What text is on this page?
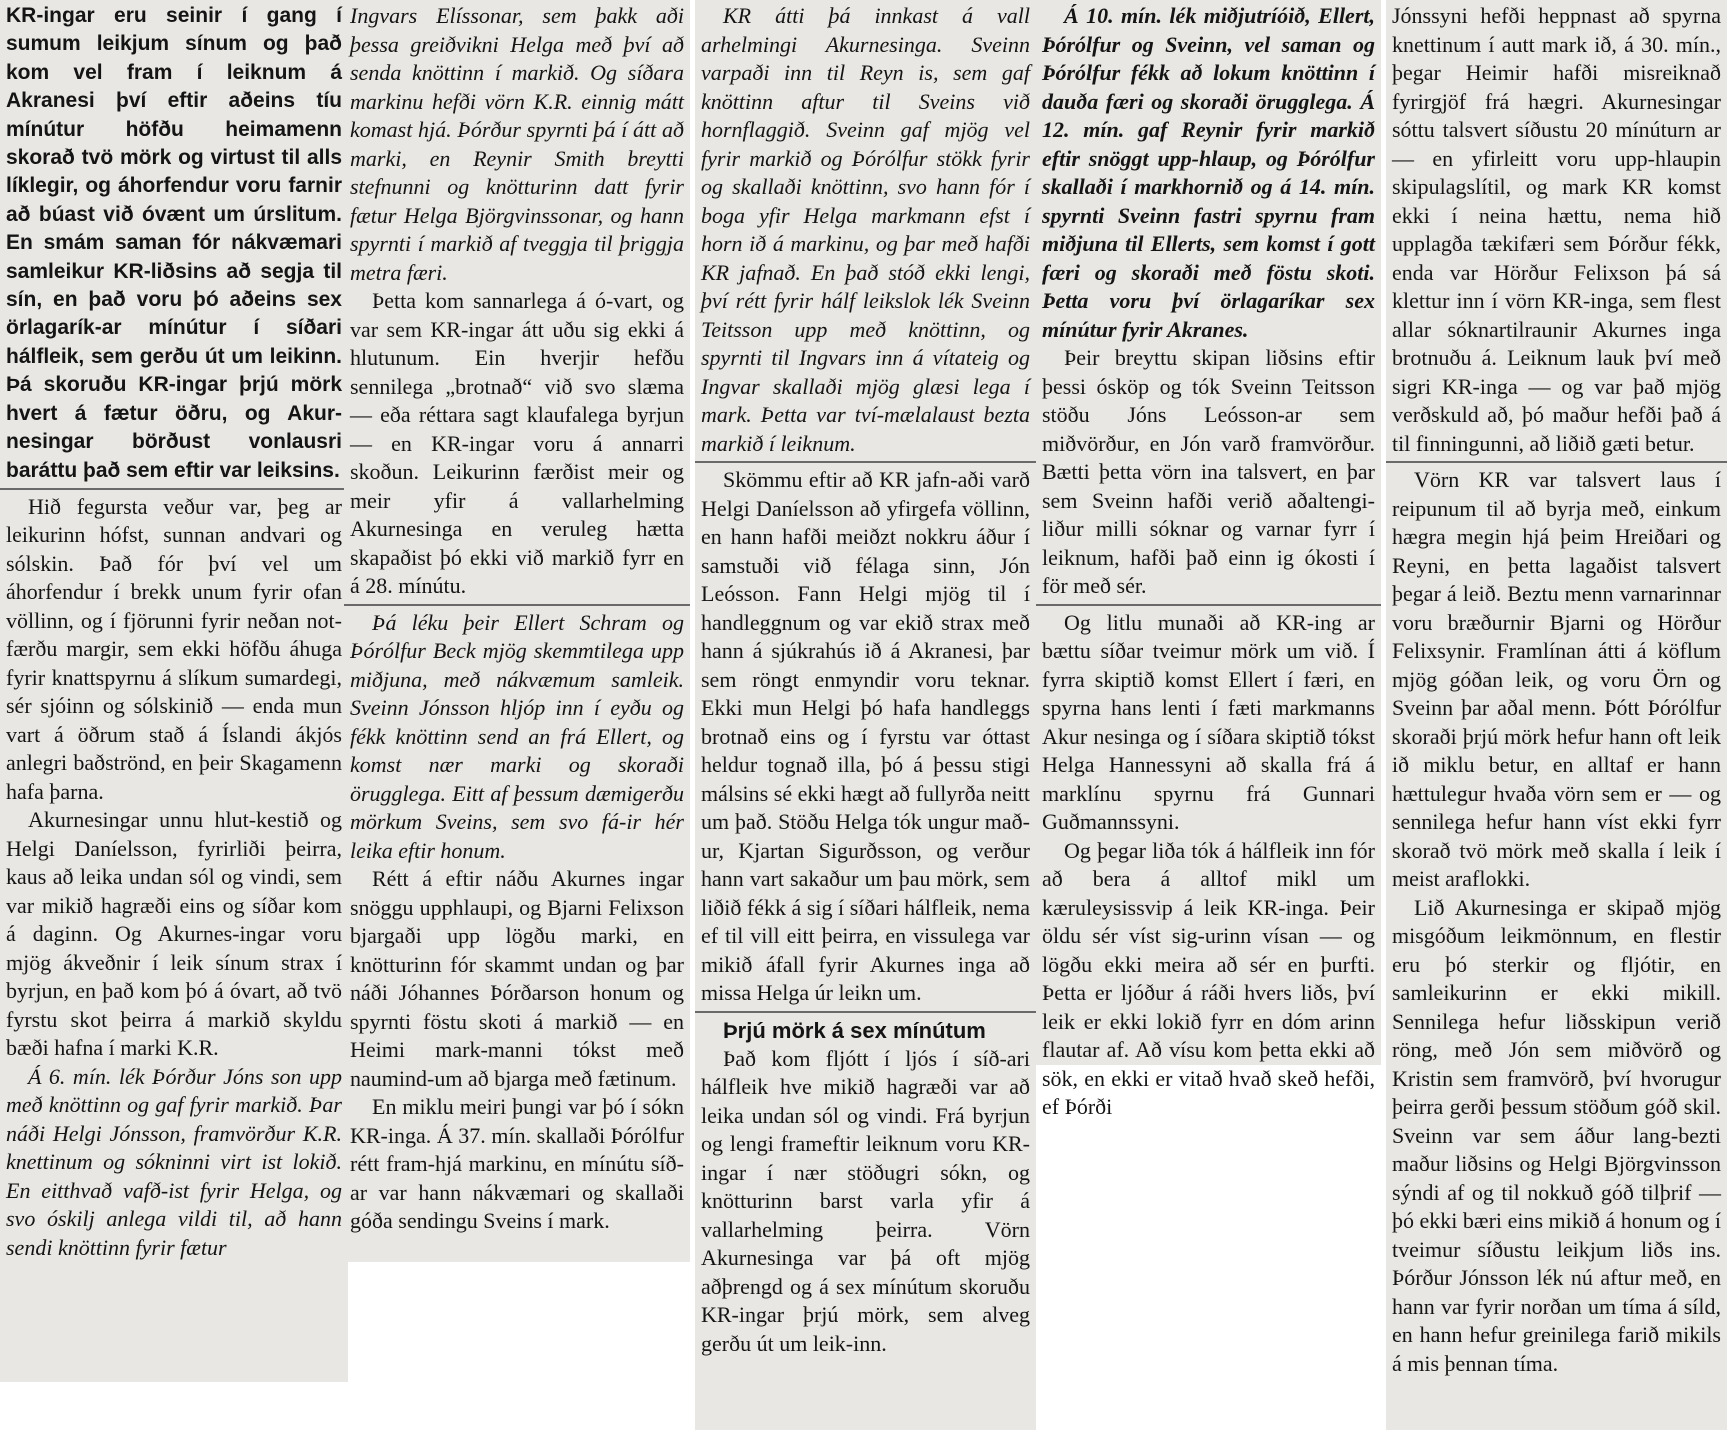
KR-ingar eru seinir í gang í sumum leikjum sínum og það kom vel fram í leiknum á Akranesi því eftir aðeins tíu mínútur höfðu heimamenn skorað tvö mörk og virtust til alls líklegir, og áhorfendur voru farnir að búast við óvænt um úrslitum. En smám saman fór nákvæmari samleikur KR-liðsins að segja til sín, en það voru þó aðeins sex örlagarík-ar mínútur í síðari hálfleik, sem gerðu út um leikinn. Þá skoruðu KR-ingar þrjú mörk hvert á fætur öðru, og Akur-nesingar börðust vonlausri baráttu það sem eftir var leiksins.

Hið fegursta veður var, þeg ar leikurinn hófst, sunnan andvari og sólskin. Það fór því vel um áhorfendur í brekk unum fyrir ofan völlinn, og í fjörunni fyrir neðan not-færðu margir, sem ekki höfðu áhuga fyrir knattspyrnu á slíkum sumardegi, sér sjóinn og sólskinið — enda mun vart á öðrum stað á Íslandi ákjós anlegri baðströnd, en þeir Skagamenn hafa þarna.

Akurnesingar unnu hlut-kestið og Helgi Daníelsson, fyrirliði þeirra, kaus að leika undan sól og vindi, sem var mikið hagræði eins og síðar kom á daginn. Og Akurnes-ingar voru mjög ákveðnir í leik sínum strax í byrjun, en það kom þó á óvart, að tvö fyrstu skot þeirra á markið skyldu bæði hafna í marki K.R.

Á 6. mín. lék Þórður Jóns son upp með knöttinn og gaf fyrir markið. Þar náði Helgi Jónsson, framvörður K.R. knettinum og sókninni virt ist lokið. En eitthvað vafð-ist fyrir Helga, og svo óskilj anlega vildi til, að hann sendi knöttinn fyrir fætur

Ingvars Elíssonar, sem þakk aði þessa greiðvikni Helga með því að senda knöttinn í markið. Og síðara markinu hefði vörn K.R. einnig mátt komast hjá. Þórður spyrnti þá í átt að marki, en Reynir Smith breytti stefnunni og knötturinn datt fyrir fætur Helga Björgvinssonar, og hann spyrnti í markið af tveggja til þriggja metra færi.

Þetta kom sannarlega á ó-vart, og var sem KR-ingar átt uðu sig ekki á hlutunum. Ein hverjir hefðu sennilega „brotnað“ við svo slæma — eða réttara sagt klaufalega byrjun — en KR-ingar voru á annarri skoðun. Leikurinn færðist meir og meir yfir á vallarhelming Akurnesinga en veruleg hætta skapaðist þó ekki við markið fyrr en á 28. mínútu.

Þá léku þeir Ellert Schram og Þórólfur Beck mjög skemmtilega upp miðjuna, með nákvæmum samleik. Sveinn Jónsson hljóp inn í eyðu og fékk knöttinn send an frá Ellert, og komst nær marki og skoraði örugglega. Eitt af þessum dæmigerðu mörkum Sveins, sem svo fá-ir hér leika eftir honum.

Rétt á eftir náðu Akurnes ingar snöggu upphlaupi, og Bjarni Felixson bjargaði upp lögðu marki, en knötturinn fór skammt undan og þar náði Jóhannes Þórðarson honum og spyrnti föstu skoti á markið — en Heimi mark-manni tókst með naumind-um að bjarga með fætinum.

En miklu meiri þungi var þó í sókn KR-inga. Á 37. mín. skallaði Þórólfur rétt fram-hjá markinu, en mínútu síð-ar var hann nákvæmari og skallaði góða sendingu Sveins í mark.

KR átti þá innkast á vall arhelmingi Akurnesinga. Sveinn varpaði inn til Reyn is, sem gaf knöttinn aftur til Sveins við hornflaggið. Sveinn gaf mjög vel fyrir markið og Þórólfur stökk fyrir og skallaði knöttinn, svo hann fór í boga yfir Helga markmann efst í horn ið á markinu, og þar með hafði KR jafnað. En það stóð ekki lengi, því rétt fyrir hálf leikslok lék Sveinn Teitsson upp með knöttinn, og spyrnti til Ingvars inn á vítateig og Ingvar skallaði mjög glæsi lega í mark. Þetta var tví-mælalaust bezta markið í leiknum.

Skömmu eftir að KR jafn-aði varð Helgi Daníelsson að yfirgefa völlinn, en hann hafði meiðzt nokkru áður í samstuði við félaga sinn, Jón Leósson. Fann Helgi mjög til í handleggnum og var ekið strax með hann á sjúkrahús ið á Akranesi, þar sem röngt enmyndir voru teknar. Ekki mun Helgi þó hafa handleggs brotnað eins og í fyrstu var óttast heldur tognað illa, þó á þessu stigi málsins sé ekki hægt að fullyrða neitt um það. Stöðu Helga tók ungur mað-ur, Kjartan Sigurðsson, og verður hann vart sakaður um þau mörk, sem liðið fékk á sig í síðari hálfleik, nema ef til vill eitt þeirra, en vissulega var mikið áfall fyrir Akurnes inga að missa Helga úr leikn um.

Þrjú mörk á sex mínútum

Það kom fljótt í ljós í síð-ari hálfleik hve mikið hagræði var að leika undan sól og vindi. Frá byrjun og lengi frameftir leiknum voru KR-ingar í nær stöðugri sókn, og knötturinn barst varla yfir á vallarhelming þeirra. Vörn Akurnesinga var þá oft mjög aðþrengd og á sex mínútum skoruðu KR-ingar þrjú mörk, sem alveg gerðu út um leik-inn.

Á 10. mín. lék miðjutríóið, Ellert, Þórólfur og Sveinn, vel saman og Þórólfur fékk að lokum knöttinn í dauða færi og skoraði örugglega. Á 12. mín. gaf Reynir fyrir markið eftir snöggt upp-hlaup, og Þórólfur skallaði í markhornið og á 14. mín. spyrnti Sveinn fastri spyrnu fram miðjuna til Ellerts, sem komst í gott færi og skoraði með föstu skoti. Þetta voru því örlagaríkar sex mínútur fyrir Akranes.

Þeir breyttu skipan liðsins eftir þessi ósköp og tók Sveinn Teitsson stöðu Jóns Leósson-ar sem miðvörður, en Jón varð framvörður. Bætti þetta vörn ina talsvert, en þar sem Sveinn hafði verið aðaltengi-liður milli sóknar og varnar fyrr í leiknum, hafði það einn ig ókosti í för með sér.

Og litlu munaði að KR-ing ar bættu síðar tveimur mörk um við. Í fyrra skiptið komst Ellert í færi, en spyrna hans lenti í fæti markmanns Akur nesinga og í síðara skiptið tókst Helga Hannessyni að skalla frá á marklínu spyrnu frá Gunnari Guðmannssyni.

Og þegar liða tók á hálfleik inn fór að bera á alltof mikl um kæruleysissvip á leik KR-inga. Þeir öldu sér víst sig-urinn vísan — og lögðu ekki meira að sér en þurfti. Þetta er ljóður á ráði hvers liðs, því leik er ekki lokið fyrr en dóm arinn flautar af. Að vísu kom þetta ekki að sök, en ekki er vitað hvað skeð hefði, ef Þórði

Jónssyni hefði heppnast að spyrna knettinum í autt mark ið, á 30. mín., þegar Heimir hafði misreiknað fyrirgjöf frá hægri. Akurnesingar sóttu talsvert síðustu 20 mínúturn ar — en yfirleitt voru upp-hlaupin skipulagslítil, og mark KR komst ekki í neina hættu, nema hið upplagða tækifæri sem Þórður fékk, enda var Hörður Felixson þá sá klettur inn í vörn KR-inga, sem flest allar sóknartilraunir Akurnes inga brotnuðu á. Leiknum lauk því með sigri KR-inga — og var það mjög verðskuld að, þó maður hefði það á til finningunni, að liðið gæti betur.

Vörn KR var talsvert laus í reipunum til að byrja með, einkum hægra megin hjá þeim Hreiðari og Reyni, en þetta lagaðist talsvert þegar á leið. Beztu menn varnarinnar voru bræðurnir Bjarni og Hörður Felixsynir. Framlínan átti á köflum mjög góðan leik, og voru Örn og Sveinn þar aðal menn. Þótt Þórólfur skoraði þrjú mörk hefur hann oft leik ið miklu betur, en alltaf er hann hættulegur hvaða vörn sem er — og sennilega hefur hann víst ekki fyrr skorað tvö mörk með skalla í leik í meist araflokki.

Lið Akurnesinga er skipað mjög misgóðum leikmönnum, en flestir eru þó sterkir og fljótir, en samleikurinn er ekki mikill. Sennilega hefur liðsskipun verið röng, með Jón sem miðvörð og Kristin sem framvörð, því hvorugur þeirra gerði þessum stöðum góð skil. Sveinn var sem áður lang-bezti maður liðsins og Helgi Björgvinsson sýndi af og til nokkuð góð tilþrif — þó ekki bæri eins mikið á honum og í tveimur síðustu leikjum liðs ins. Þórður Jónsson lék nú aftur með, en hann var fyrir norðan um tíma á síld, en hann hefur greinilega farið mikils á mis þennan tíma.
